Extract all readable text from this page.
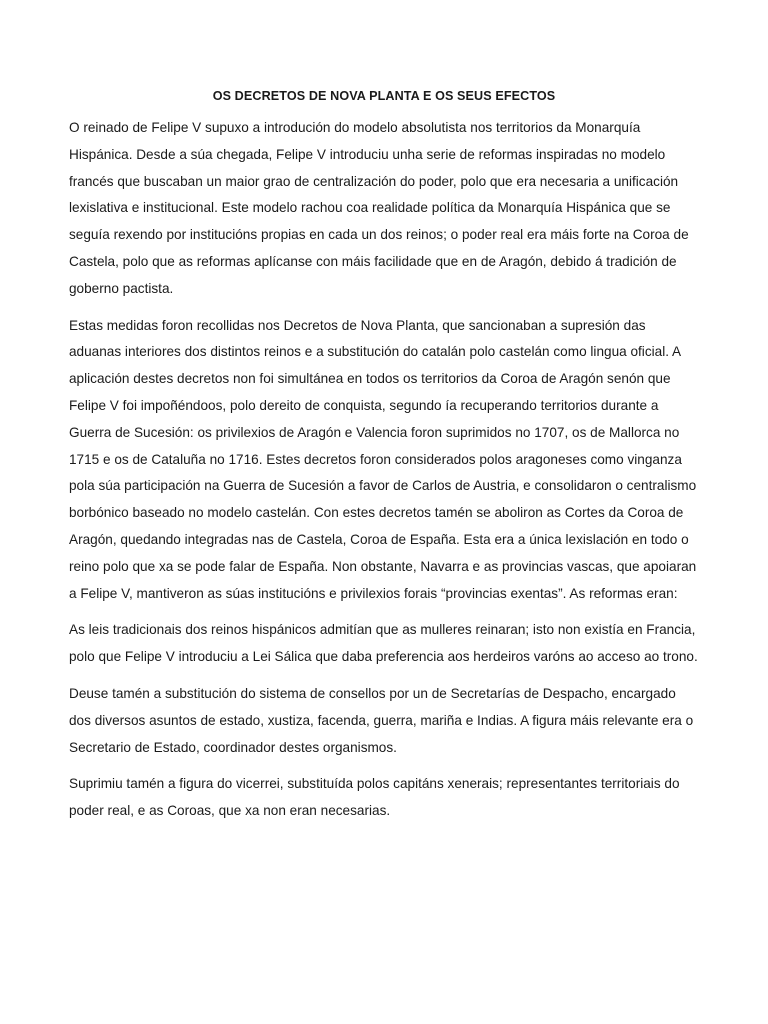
OS DECRETOS DE NOVA PLANTA E OS SEUS EFECTOS

O reinado de Felipe V supuxo a introdución do modelo absolutista nos territorios da Monarquía Hispánica. Desde a súa chegada, Felipe V introduciu unha serie de reformas inspiradas no modelo francés que buscaban un maior grao de centralización do poder, polo que era necesaria a unificación lexislativa e institucional. Este modelo rachou coa realidade política da Monarquía Hispánica que se seguía rexendo por institucións propias en cada un dos reinos; o poder real era máis forte na Coroa de Castela, polo que as reformas aplícanse con máis facilidade que en de Aragón, debido á tradición de goberno pactista.

Estas medidas foron recollidas nos Decretos de Nova Planta, que sancionaban a supresión das aduanas interiores dos distintos reinos e a substitución do catalán polo castelán como lingua oficial. A aplicación destes decretos non foi simultánea en todos os territorios da Coroa de Aragón senón que Felipe V foi impoñéndoos, polo dereito de conquista, segundo ía recuperando territorios durante a Guerra de Sucesión: os privilexios de Aragón e Valencia foron suprimidos no 1707, os de Mallorca no 1715 e os de Cataluña no 1716. Estes decretos foron considerados polos aragoneses como vinganza pola súa participación na Guerra de Sucesión a favor de Carlos de Austria, e consolidaron o centralismo borbónico baseado no modelo castelán. Con estes decretos tamén se aboliron as Cortes da Coroa de Aragón, quedando integradas nas de Castela, Coroa de España. Esta era a única lexislación en todo o reino polo que xa se pode falar de España. Non obstante, Navarra e as provincias vascas, que apoiaran a Felipe V, mantiveron as súas institucións e privilexios forais “provincias exentas”. As reformas eran:

As leis tradicionais dos reinos hispánicos admitían que as mulleres reinaran; isto non existía en Francia, polo que Felipe V introduciu a Lei Sálica que daba preferencia aos herdeiros varóns ao acceso ao trono.

Deuse tamén a substitución do sistema de consellos por un de Secretarías de Despacho, encargado dos diversos asuntos de estado, xustiza, facenda, guerra, mariña e Indias. A figura máis relevante era o Secretario de Estado, coordinador destes organismos.

Suprimiu tamén a figura do vicerrei, substituída polos capitáns xenerais; representantes territoriais do poder real, e as Coroas, que xa non eran necesarias.
